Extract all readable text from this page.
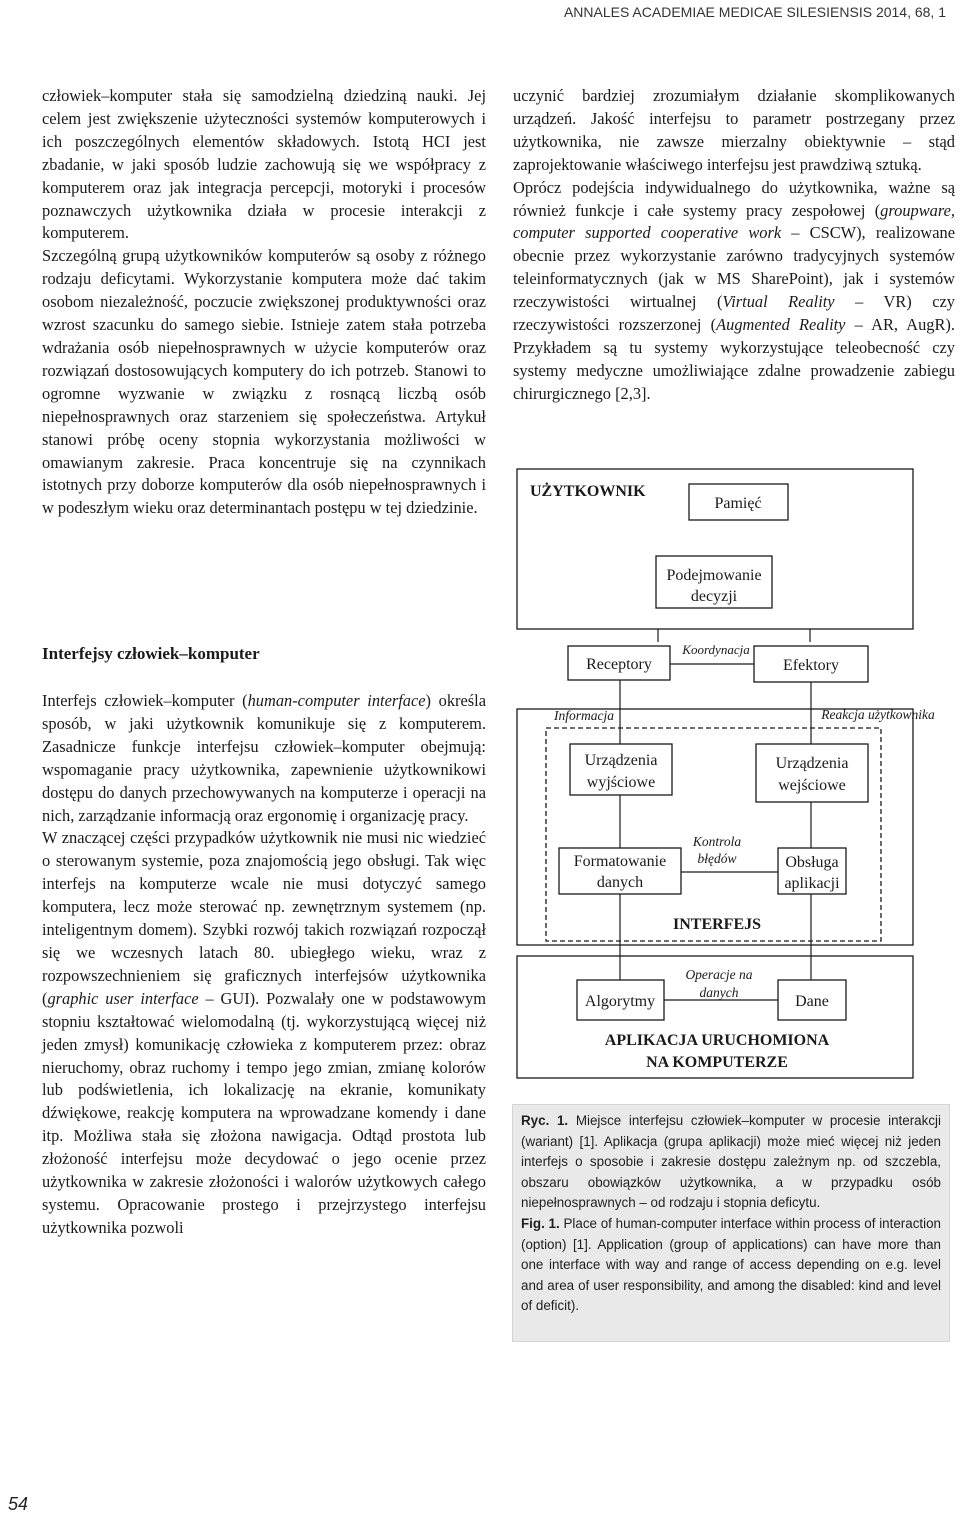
ANNALES ACADEMIAE MEDICAE SILESIENSIS 2014, 68, 1

człowiek–komputer stała się samodzielną dziedziną nauki. Jej celem jest zwiększenie użyteczności systemów komputerowych i ich poszczególnych elementów składowych. Istotą HCI jest zbadanie, w jaki sposób ludzie zachowują się we współpracy z komputerem oraz jak integracja percepcji, motoryki i procesów poznawczych użytkownika działa w procesie interakcji z komputerem.

Szczególną grupą użytkowników komputerów są osoby z różnego rodzaju deficytami. Wykorzystanie komputera może dać takim osobom niezależność, poczucie zwiększonej produktywności oraz wzrost szacunku do samego siebie. Istnieje zatem stała potrzeba wdrażania osób niepełnosprawnych w użycie komputerów oraz rozwiązań dostosowujących komputery do ich potrzeb. Stanowi to ogromne wyzwanie w związku z rosnącą liczbą osób niepełnosprawnych oraz starzeniem się społeczeństwa. Artykuł stanowi próbę oceny stopnia wykorzystania możliwości w omawianym zakresie. Praca koncentruje się na czynnikach istotnych przy doborze komputerów dla osób niepełnosprawnych i w podeszłym wieku oraz determinantach postępu w tej dziedzinie.

Interfejsy człowiek–komputer

Interfejs człowiek–komputer (human-computer interface) określa sposób, w jaki użytkownik komunikuje się z komputerem. Zasadnicze funkcje interfejsu człowiek–komputer obejmują: wspomaganie pracy użytkownika, zapewnienie użytkownikowi dostępu do danych przechowywanych na komputerze i operacji na nich, zarządzanie informacją oraz ergonomię i organizację pracy.

W znaczącej części przypadków użytkownik nie musi nic wiedzieć o sterowanym systemie, poza znajomością jego obsługi. Tak więc interfejs na komputerze wcale nie musi dotyczyć samego komputera, lecz może sterować np. zewnętrznym systemem (np. inteligentnym domem). Szybki rozwój takich rozwiązań rozpoczął się we wczesnych latach 80. ubiegłego wieku, wraz z rozpowszechnieniem się graficznych interfejsów użytkownika (graphic user interface – GUI). Pozwalały one w podstawowym stopniu kształtować wielomodalną (tj. wykorzystującą więcej niż jeden zmysł) komunikację człowieka z komputerem przez: obraz nieruchomy, obraz ruchomy i tempo jego zmian, zmianę kolorów lub podświetlenia, ich lokalizację na ekranie, komunikaty dźwiękowe, reakcję komputera na wprowadzane komendy i dane itp. Możliwa stała się złożona nawigacja. Odtąd prostota lub złożoność interfejsu może decydować o jego ocenie przez użytkownika w zakresie złożoności i walorów użytkowych całego systemu. Opracowanie prostego i przejrzystego interfejsu użytkownika pozwoli

uczynić bardziej zrozumiałym działanie skomplikowanych urządzeń. Jakość interfejsu to parametr postrzegany przez użytkownika, nie zawsze mierzalny obiektywnie – stąd zaprojektowanie właściwego interfejsu jest prawdziwą sztuką.

Oprócz podejścia indywidualnego do użytkownika, ważne są również funkcje i całe systemy pracy zespołowej (groupware, computer supported cooperative work – CSCW), realizowane obecnie przez wykorzystanie zarówno tradycyjnych systemów teleinformatycznych (jak w MS SharePoint), jak i systemów rzeczywistości wirtualnej (Virtual Reality – VR) czy rzeczywistości rozszerzonej (Augmented Reality – AR, AugR). Przykładem są tu systemy wykorzystujące teleobecność czy systemy medyczne umożliwiające zdalne prowadzenie zabiegu chirurgicznego [2,3].

UŻYTKOWNIK
Pamięć
Podejmowanie
decyzji
Receptory
Koordynacja
Efektory
Informacja	Reakcja użytkownika
Urządzenia
wyjściowe
Urządzenia
wejściowe
Formatowanie
danych
Kontrola
błędów	Obsługa
aplikacji
INTERFEJS
Algorytmy
Operacje na
danych
Dane
APLIKACJA URUCHOMIONA
NA KOMPUTERZE

Ryc. 1. Miejsce interfejsu człowiek–komputer w procesie interakcji (wariant) [1]. Aplikacja (grupa aplikacji) może mieć więcej niż jeden interfejs o sposobie i zakresie dostępu zależnym np. od szczebla, obszaru obowiązków użytkownika, a w przypadku osób niepełnosprawnych – od rodzaju i stopnia deficytu.

Fig. 1. Place of human-computer interface within process of interaction (option) [1]. Application (group of applications) can have more than one interface with way and range of access depending on e.g. level and area of user responsibility, and among the disabled: kind and level of deficit).

54
